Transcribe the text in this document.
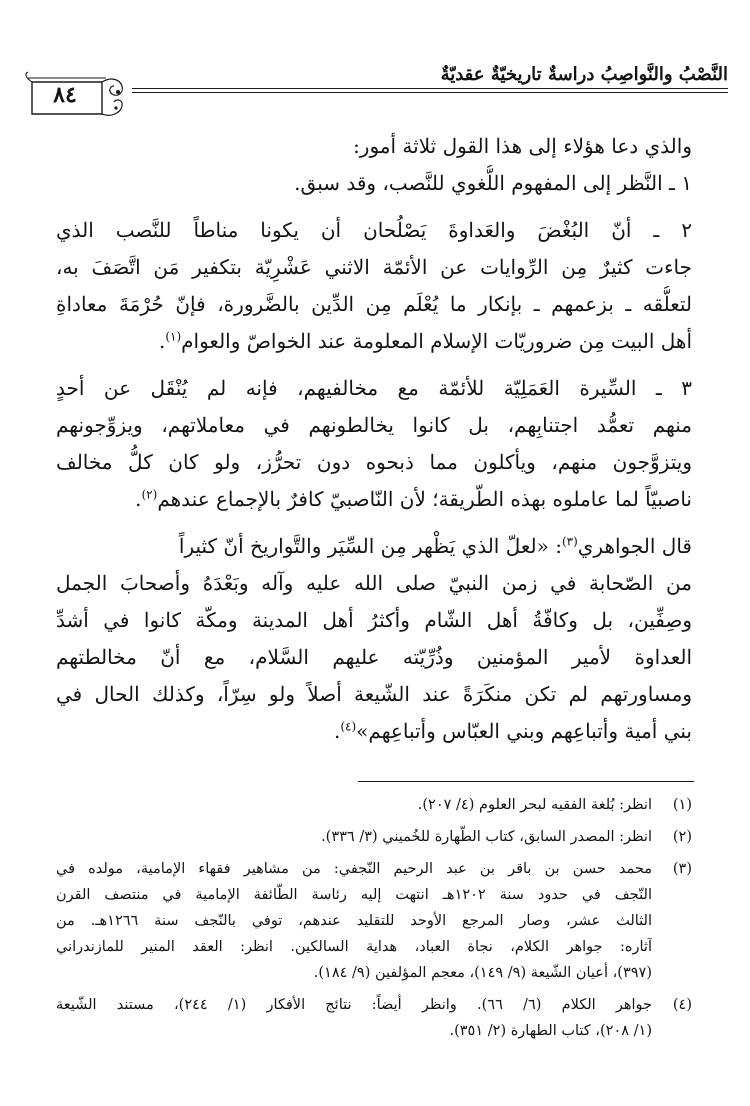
النَّصْبُ والنَّواصِبُ دراسةٌ تاريخيّةٌ عقديّةٌ
٨٤
والذي دعا هؤلاء إلى هذا القول ثلاثة أمور:
١ ـ النَّظر إلى المفهوم اللُّغوي للنَّصب، وقد سبق.
٢ ـ أنّ البُغْضَ والعَداوةَ يَصْلُحان أن يكونا مناطاً للنَّصب الذي
جاءت كثيرٌ مِن الرِّوايات عن الأئمّة الاثني عَشْرِيّة بتكفير مَن اتَّصَفَ به،
لتعلُّقه ـ بزعمهم ـ بإنكار ما يُعْلَم مِن الدِّين بالضَّرورة، فإنّ حُرْمَةَ معاداةِ
أهل البيت مِن ضروريّات الإسلام المعلومة عند الخواصّ والعوام$^{(١)}$.
٣ ـ السِّيرة العَمَلِيّة للأئمّة مع مخالفيهم، فإنه لم يُنْقَل عن أحدٍ
منهم تعمُّد اجتنابِهم، بل كانوا يخالطونهم في معاملاتهم، ويزوِّجونهم
ويتزوَّجون منهم، ويأكلون مما ذبحوه دون تحرُّز، ولو كان كلُّ مخالف
ناصبيّاً لما عاملوه بهذه الطّريقة؛ لأن النّاصبيّ كافرٌ بالإجماع عندهم$^{(٢)}$.
قال الجواهري$^{(٣)}$: «لعلّ الذي يَظْهر مِن السِّيَر والتَّواريخ أنّ كثيراً
من الصّحابة في زمن النبيّ صلى الله عليه وآله وبَعْدَهُ وأصحابَ الجمل
وصِفِّين، بل وكافّةُ أهل الشّام وأكثرُ أهل المدينة ومكّة كانوا في أشدِّ
العداوة لأمير المؤمنين وذُرِّيّته عليهم السَّلام، مع أنّ مخالطتهم
ومساورتهم لم تكن منكَرَةً عند الشّيعة أصلاً ولو سِرّاً، وكذلك الحال في
بني أمية وأتباعِهم وبني العبّاس وأتباعِهم»$^{(٤)}$.
(١)
انظر: بُلغة الفقيه لبحر العلوم (٤/ ٢٠٧).
(٢)
انظر: المصدر السابق، كتاب الطّهارة للخُميني (٣/ ٣٣٦).
(٣)
محمد حسن بن باقر بن عبد الرحيم النّجفي: من مشاهير فقهاء الإمامية، مولده في
النّجف في حدود سنة ١٢٠٢هـ انتهت إليه رئاسة الطّائفة الإمامية في منتصف القرن
الثالث عشر، وصار المرجع الأوحد للتقليد عندهم، توفي بالنّجف سنة ١٢٦٦هـ. من
آثاره: جواهر الكلام، نجاة العباد، هداية السالكين. انظر: العقد المنير للمازندراني
(٣٩٧)، أعيان الشّيعة (٩/ ١٤٩)، معجم المؤلفين (٩/ ١٨٤).
(٤)
جواهر الكلام (٦/ ٦٦). وانظر أيضاً: نتائج الأفكار (١/ ٢٤٤)، مستند الشّيعة
(١/ ٢٠٨)، كتاب الطهارة (٢/ ٣٥١).
